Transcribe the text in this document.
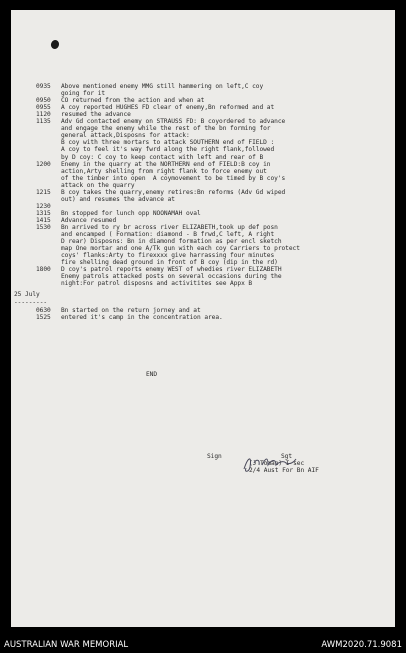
0935 Above mentioned enemy MMG still hammering on left,C coy
going for it
0950 CO returned from the action and when at
0955 A coy reported HUGHES FD clear of enemy,Bn reformed and at
1120 resumed the advance
1135 Adv Gd contacted enemy on STRAUSS FD: B coyordered to advance
and engage the enemy while the rest of the bn forming for
general attack,Disposns for attack:
B coy with three mortars to attack SOUTHERN end of FIELD :
A coy to feel it's way fwrd along the right flank,followed
by D coy: C coy to keep contact with left and rear of B
1200 Enemy in the quarry at the NORTHERN end of FIELD:B coy in
action,Arty shelling from right flank to force enemy out
of the timber into open  A coymovement to be timed by B coy's
attack on the quarry
1215 B coy takes the quarry,enemy retires:Bn reforms (Adv Gd wiped
out) and resumes the advance at
1230
1315 Bn stopped for lunch opp NOONAMAH oval
1415 Advance resumed
1530 Bn arrived to ry br across river ELIZABETH,took up def posn
and encamped ( Formation: diamond - B frwd,C left, A right
D rear) Disposns: Bn in diamond formation as per encl sketch
map One mortar and one A/Tk gun with each coy Carriers to protect
coys' flanks:Arty to firexxxx give harrassing four minutes
fire shelling dead ground in front of B coy (dip in the rd)
1800 D coy's patrol reports enemy WEST of whedies river ELIZABETH
Enemy patrols attacked posts on several occasions during the
night:For patrol disposns and activitites see Appx B
25 July
---------
0630 Bn started on the return jorney and at
1525 entered it's camp in the concentration area.
END
Sign	Sgt
(J Toman) I sec
2/4 Aust For Bn AIF
AUSTRALIAN WAR MEMORIAL	AWM2020.71.9081
